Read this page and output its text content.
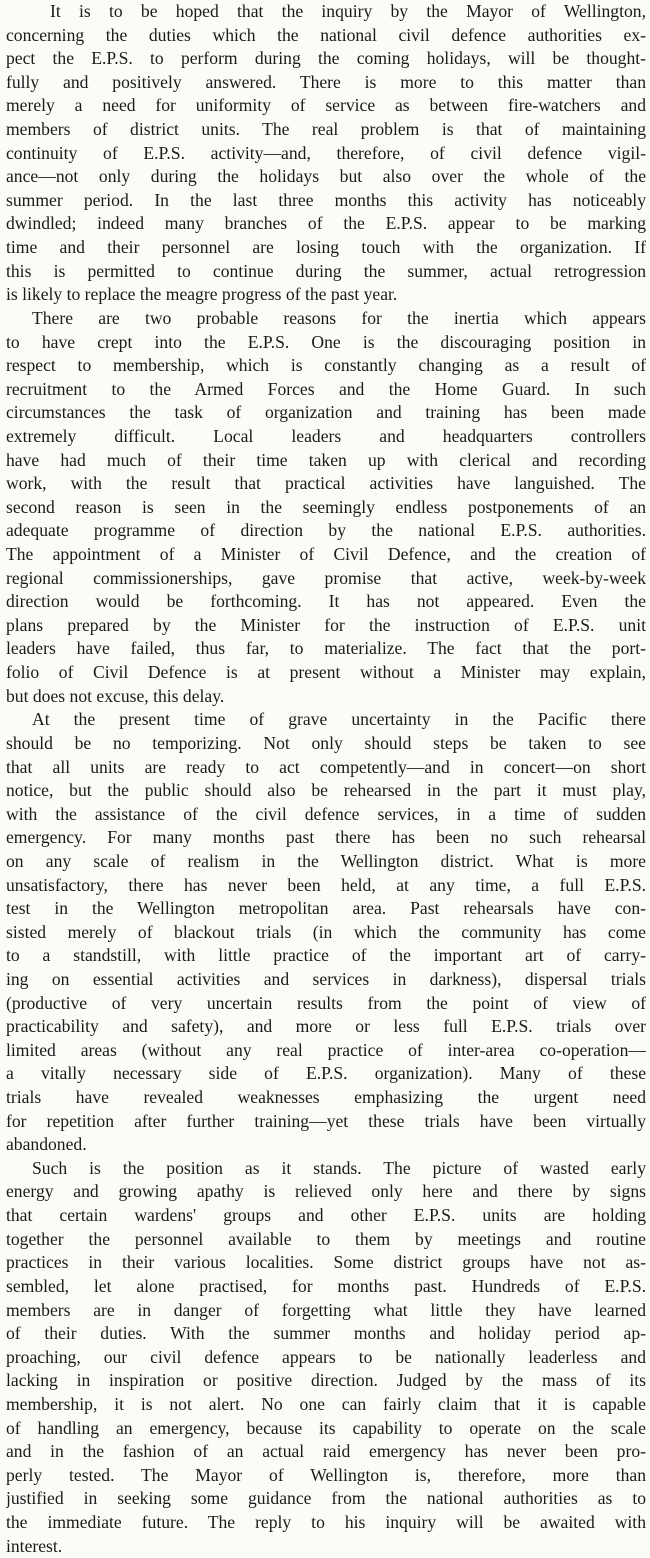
It is to be hoped that the inquiry by the Mayor of Wellington,
concerning the duties which the national civil defence authorities ex-
pect the E.P.S. to perform during the coming holidays, will be thought-
fully and positively answered. There is more to this matter than
merely a need for uniformity of service as between fire-watchers and
members of district units. The real problem is that of maintaining
continuity of E.P.S. activity—and, therefore, of civil defence vigil-
ance—not only during the holidays but also over the whole of the
summer period. In the last three months this activity has noticeably
dwindled; indeed many branches of the E.P.S. appear to be marking
time and their personnel are losing touch with the organization. If
this is permitted to continue during the summer, actual retrogression
is likely to replace the meagre progress of the past year.
There are two probable reasons for the inertia which appears
to have crept into the E.P.S. One is the discouraging position in
respect to membership, which is constantly changing as a result of
recruitment to the Armed Forces and the Home Guard. In such
circumstances the task of organization and training has been made
extremely difficult. Local leaders and headquarters controllers
have had much of their time taken up with clerical and recording
work, with the result that practical activities have languished. The
second reason is seen in the seemingly endless postponements of an
adequate programme of direction by the national E.P.S. authorities.
The appointment of a Minister of Civil Defence, and the creation of
regional commissionerships, gave promise that active, week-by-week
direction would be forthcoming. It has not appeared. Even the
plans prepared by the Minister for the instruction of E.P.S. unit
leaders have failed, thus far, to materialize. The fact that the port-
folio of Civil Defence is at present without a Minister may explain,
but does not excuse, this delay.
At the present time of grave uncertainty in the Pacific there
should be no temporizing. Not only should steps be taken to see
that all units are ready to act competently—and in concert—on short
notice, but the public should also be rehearsed in the part it must play,
with the assistance of the civil defence services, in a time of sudden
emergency. For many months past there has been no such rehearsal
on any scale of realism in the Wellington district. What is more
unsatisfactory, there has never been held, at any time, a full E.P.S.
test in the Wellington metropolitan area. Past rehearsals have con-
sisted merely of blackout trials (in which the community has come
to a standstill, with little practice of the important art of carry-
ing on essential activities and services in darkness), dispersal trials
(productive of very uncertain results from the point of view of
practicability and safety), and more or less full E.P.S. trials over
limited areas (without any real practice of inter-area co-operation—
a vitally necessary side of E.P.S. organization). Many of these
trials have revealed weaknesses emphasizing the urgent need
for repetition after further training—yet these trials have been virtually
abandoned.
Such is the position as it stands. The picture of wasted early
energy and growing apathy is relieved only here and there by signs
that certain wardens' groups and other E.P.S. units are holding
together the personnel available to them by meetings and routine
practices in their various localities. Some district groups have not as-
sembled, let alone practised, for months past. Hundreds of E.P.S.
members are in danger of forgetting what little they have learned
of their duties. With the summer months and holiday period ap-
proaching, our civil defence appears to be nationally leaderless and
lacking in inspiration or positive direction. Judged by the mass of its
membership, it is not alert. No one can fairly claim that it is capable
of handling an emergency, because its capability to operate on the scale
and in the fashion of an actual raid emergency has never been pro-
perly tested. The Mayor of Wellington is, therefore, more than
justified in seeking some guidance from the national authorities as to
the immediate future. The reply to his inquiry will be awaited with
interest.
